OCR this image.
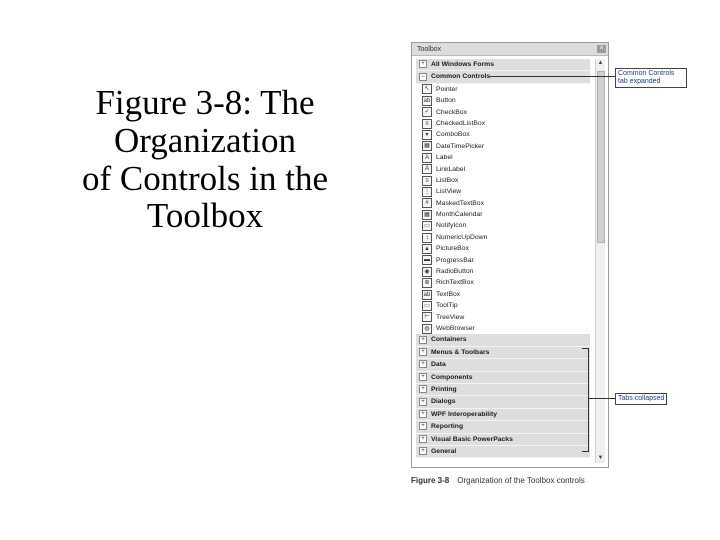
Figure 3-8: The
Organization
of Controls in the
Toolbox
Toolbox	×
+ All Windows Forms
− Common Controls
↖ Pointer
ab Button
✓ CheckBox
≡ CheckedListBox
▾ ComboBox
▦ DateTimePicker
A Label
A LinkLabel
≡ ListBox
⋮ ListView
# MaskedTextBox
▦ MonthCalendar
▭ NotifyIcon
↕ NumericUpDown
▲ PictureBox
▬ ProgressBar
◉ RadioButton
≣ RichTextBox
ab TextBox
▭ ToolTip
⊢ TreeView
◍ WebBrowser
+ Containers
+ Menus & Toolbars
+ Data
+ Components
+ Printing
+ Dialogs
+ WPF Interoperability
+ Reporting
+ Visual Basic PowerPacks
+ General
▲
▼
Common Controls tab expanded
Tabs collapsed
Figure 3-8 Organization of the Toolbox controls
